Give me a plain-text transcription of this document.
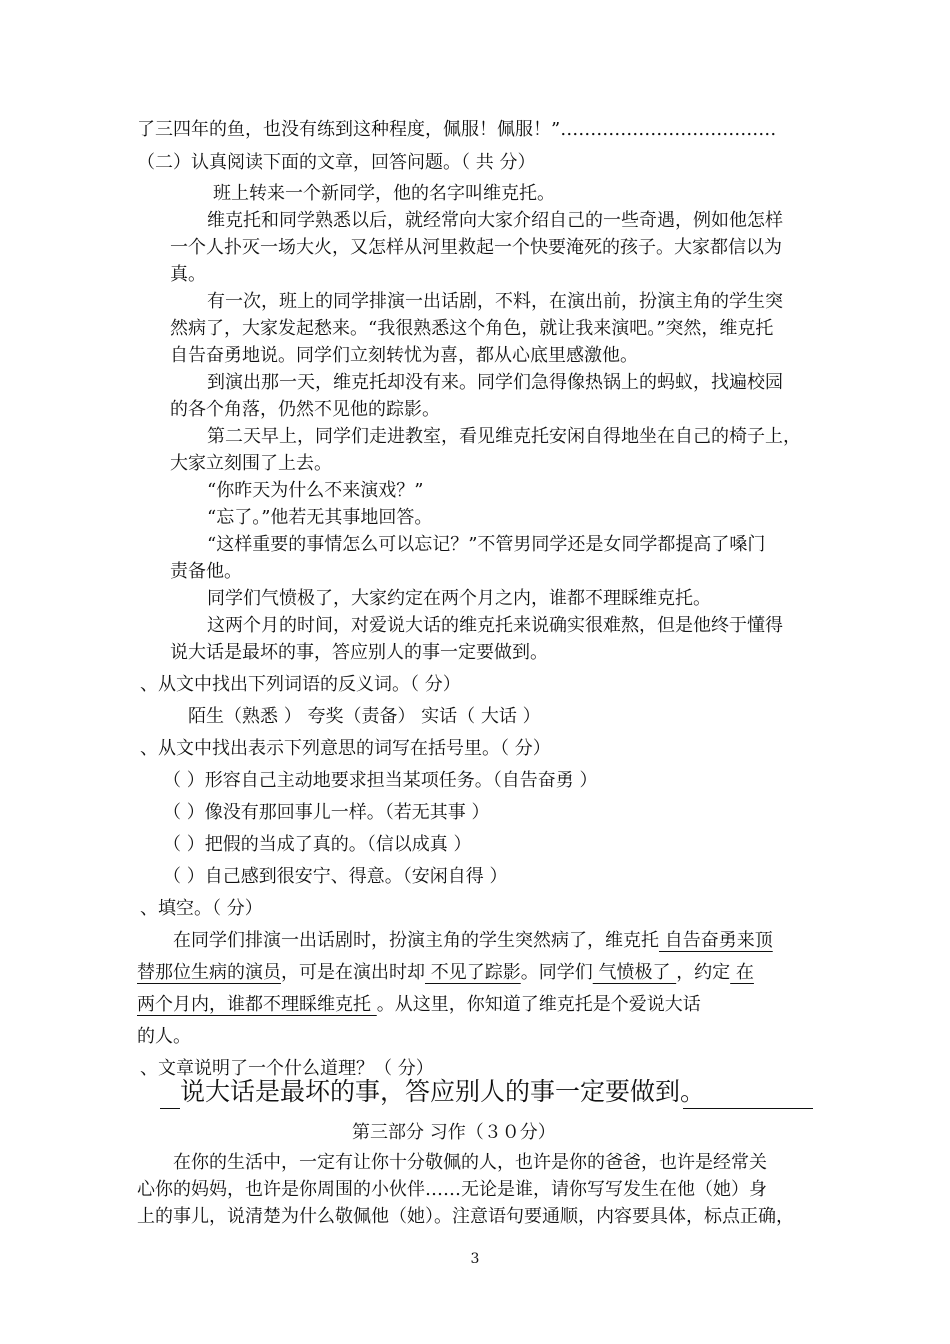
了三四年的鱼，也没有练到这种程度，佩服！佩服！”………………………………
（二）认真阅读下面的文章，回答问题。（ 共 分）
班上转来一个新同学，他的名字叫维克托。
维克托和同学熟悉以后，就经常向大家介绍自己的一些奇遇，例如他怎样
一个人扑灭一场大火，又怎样从河里救起一个快要淹死的孩子。大家都信以为
真。
有一次，班上的同学排演一出话剧，不料，在演出前，扮演主角的学生突
然病了，大家发起愁来。“我很熟悉这个角色，就让我来演吧。”突然，维克托
自告奋勇地说。同学们立刻转忧为喜，都从心底里感激他。
到演出那一天，维克托却没有来。同学们急得像热锅上的蚂蚁，找遍校园
的各个角落，仍然不见他的踪影。
第二天早上，同学们走进教室，看见维克托安闲自得地坐在自己的椅子上，
大家立刻围了上去。
“你昨天为什么不来演戏？”
“忘了。”他若无其事地回答。
“这样重要的事情怎么可以忘记？”不管男同学还是女同学都提高了嗓门
责备他。
同学们气愤极了，大家约定在两个月之内，谁都不理睬维克托。
这两个月的时间，对爱说大话的维克托来说确实很难熬，但是他终于懂得
说大话是最坏的事，答应别人的事一定要做到。
、从文中找出下列词语的反义词。（ 分）
陌生（熟悉 ） 夸奖（责备） 实话（ 大话 ）
、从文中找出表示下列意思的词写在括号里。（ 分）
（ ）形容自己主动地要求担当某项任务。（自告奋勇 ）
（ ）像没有那回事儿一样。（若无其事 ）
（ ）把假的当成了真的。（信以成真 ）
（ ）自己感到很安宁、得意。（安闲自得 ）
、填空。（ 分）
在同学们排演一出话剧时，扮演主角的学生突然病了，维克托 自告奋勇来顶
替那位生病的演员，可是在演出时却 不见了踪影。同学们 气愤极了 ，约定 在
两个月内，谁都不理睬维克托 。从这里，你知道了维克托是个爱说大话
的人。
、文章说明了一个什么道理？（ 分）
说大话是最坏的事，答应别人的事一定要做到。
第三部分 习作（３０分）
在你的生活中，一定有让你十分敬佩的人，也许是你的爸爸，也许是经常关
心你的妈妈，也许是你周围的小伙伴……无论是谁，请你写写发生在他（她）身
上的事儿，说清楚为什么敬佩他（她）。注意语句要通顺，内容要具体，标点正确，
3
